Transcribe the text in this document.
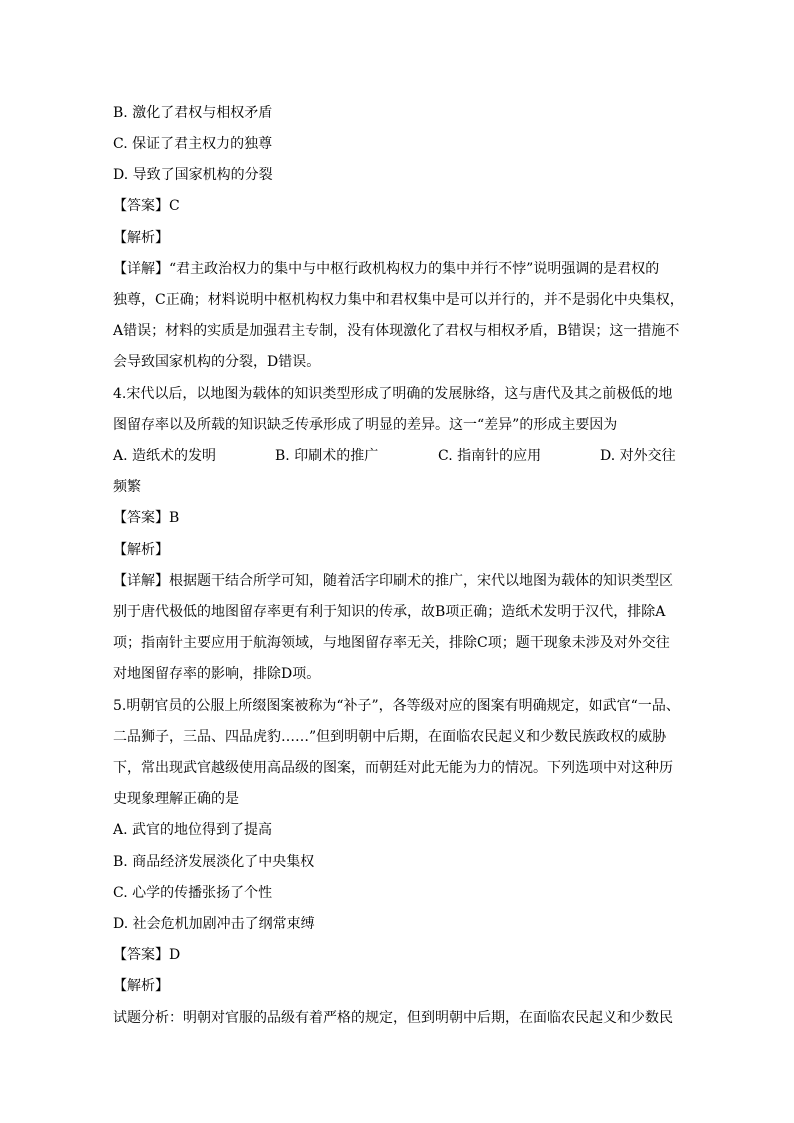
B. 激化了君权与相权矛盾
C. 保证了君主权力的独尊
D. 导致了国家机构的分裂
【答案】C
【解析】
【详解】“君主政治权力的集中与中枢行政机构权力的集中并行不悖”说明强调的是君权的
独尊，C正确；材料说明中枢机构权力集中和君权集中是可以并行的，并不是弱化中央集权，
A错误；材料的实质是加强君主专制，没有体现激化了君权与相权矛盾，B错误；这一措施不
会导致国家机构的分裂，D错误。
4.宋代以后，以地图为载体的知识类型形成了明确的发展脉络，这与唐代及其之前极低的地
图留存率以及所载的知识缺乏传承形成了明显的差异。这一“差异”的形成主要因为
A. 造纸术的发明	B. 印刷术的推广	C. 指南针的应用	D. 对外交往
频繁
【答案】B
【解析】
【详解】根据题干结合所学可知，随着活字印刷术的推广，宋代以地图为载体的知识类型区
别于唐代极低的地图留存率更有利于知识的传承，故B项正确；造纸术发明于汉代，排除A
项；指南针主要应用于航海领域，与地图留存率无关，排除C项；题干现象未涉及对外交往
对地图留存率的影响，排除D项。
5.明朝官员的公服上所缀图案被称为“补子”，各等级对应的图案有明确规定，如武官“一品、
二品狮子，三品、四品虎豹……”但到明朝中后期，在面临农民起义和少数民族政权的威胁
下，常出现武官越级使用高品级的图案，而朝廷对此无能为力的情况。下列选项中对这种历
史现象理解正确的是
A. 武官的地位得到了提高
B. 商品经济发展淡化了中央集权
C. 心学的传播张扬了个性
D. 社会危机加剧冲击了纲常束缚
【答案】D
【解析】
试题分析：明朝对官服的品级有着严格的规定，但到明朝中后期，在面临农民起义和少数民
